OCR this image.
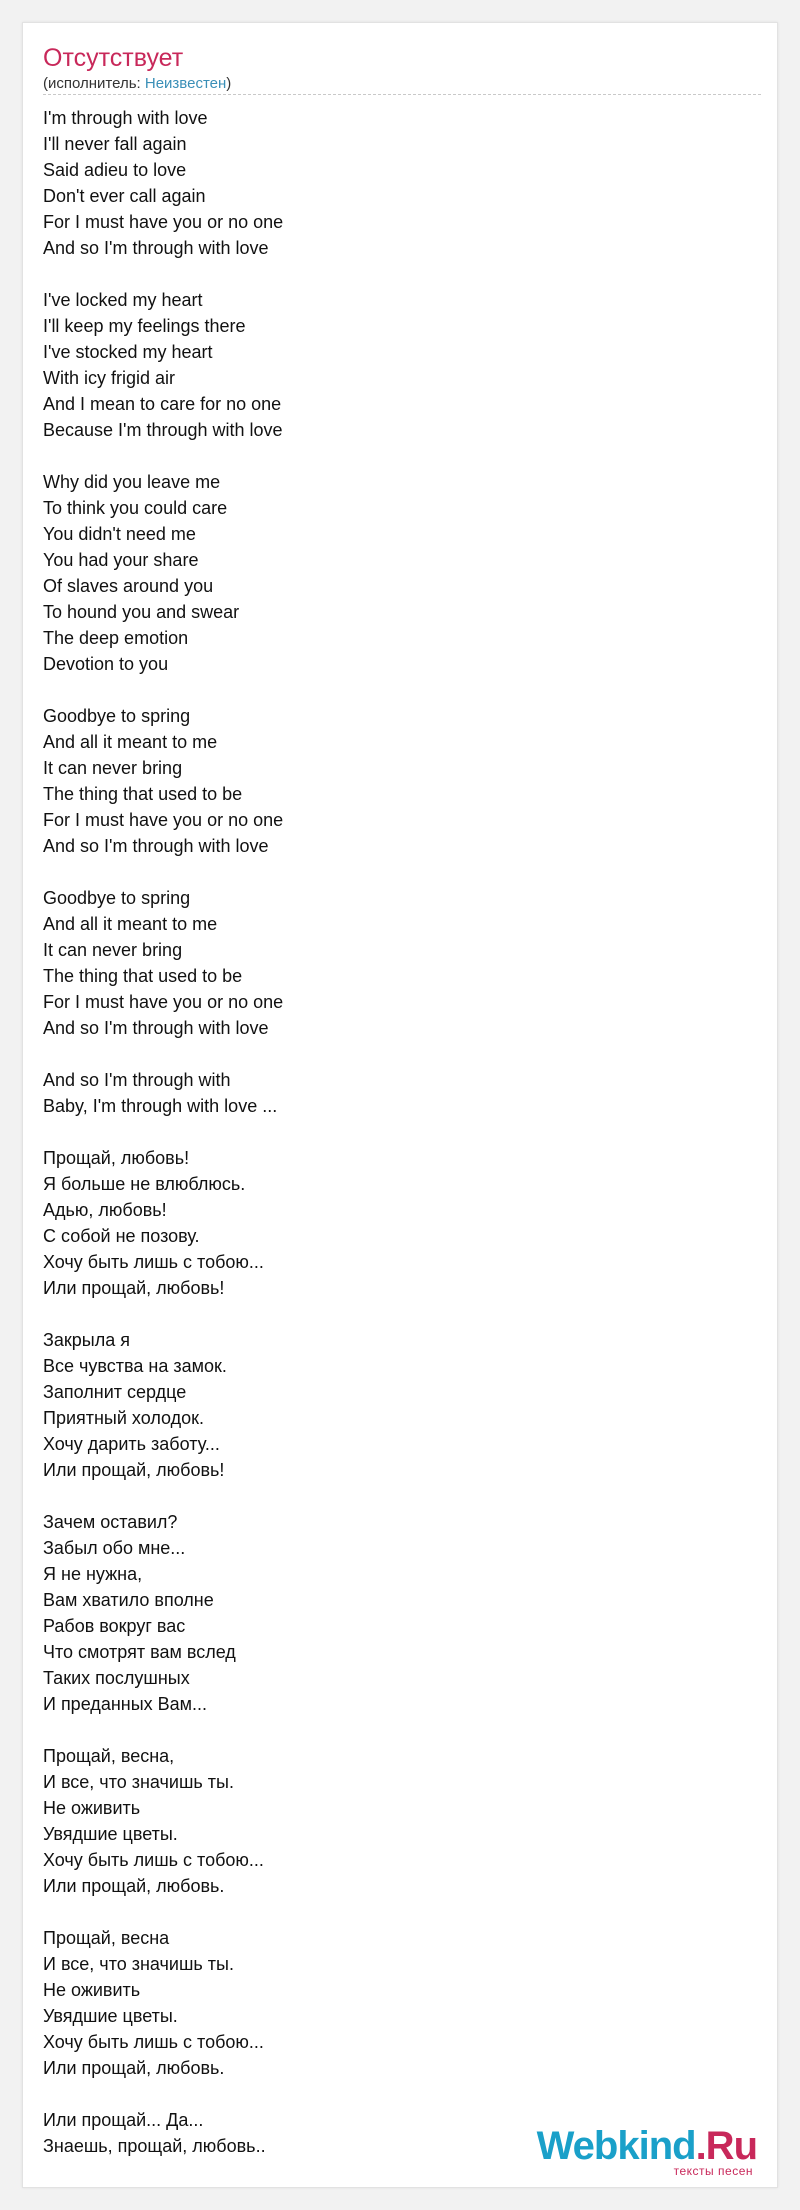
Отсутствует
(исполнитель: Неизвестен)
I'm through with love
I'll never fall again
Said adieu to love
Don't ever call again
For I must have you or no one
And so I'm through with love
I've locked my heart
I'll keep my feelings there
I've stocked my heart
With icy frigid air
And I mean to care for no one
Because I'm through with love
Why did you leave me
To think you could care
You didn't need me
You had your share
Of slaves around you
To hound you and swear
The deep emotion
Devotion to you
Goodbye to spring
And all it meant to me
It can never bring
The thing that used to be
For I must have you or no one
And so I'm through with love
Goodbye to spring
And all it meant to me
It can never bring
The thing that used to be
For I must have you or no one
And so I'm through with love
And so I'm through with
Baby, I'm through with love ...
Прощай, любовь!
Я больше не влюблюсь.
Адью, любовь!
С собой не позову.
Хочу быть лишь с тобою...
Или прощай, любовь!
Закрыла я
Все чувства на замок.
Заполнит сердце
Приятный холодок.
Хочу дарить заботу...
Или прощай, любовь!
Зачем оставил?
Забыл обо мне...
Я не нужна,
Вам хватило вполне
Рабов вокруг вас
Что смотрят вам вслед
Таких послушных
И преданных Вам...
Прощай, весна,
И все, что значишь ты.
Не оживить
Увядшие цветы.
Хочу быть лишь с тобою...
Или прощай, любовь.
Прощай, весна
И все, что значишь ты.
Не оживить
Увядшие цветы.
Хочу быть лишь с тобою...
Или прощай, любовь.
Или прощай... Да...
Знаешь, прощай, любовь..	Webkind.Ru
тексты песен
